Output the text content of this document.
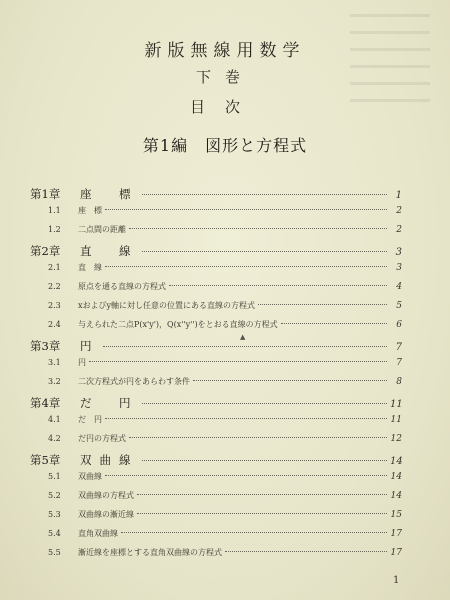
新版無線用数学
下巻
目次
第1編　図形と方程式
第1章	座　標	1
1.1	座　標	2
1.2	二点間の距離	2
第2章	直　線	3
2.1	直　線	3
2.2	原点を通る直線の方程式	4
2.3	xおよびy軸に対し任意の位置にある直線の方程式	5
2.4	与えられた二点P(x'y')，Q(x''y'')をとおる直線の方程式	6
第3章	円	7
3.1	円	7
3.2	二次方程式が円をあらわす条件	8
第4章	だ　円	11
4.1	だ　円	11
4.2	だ円の方程式	12
第5章	双曲線	14
5.1	双曲線	14
5.2	双曲線の方程式	14
5.3	双曲線の漸近線	15
5.4	直角双曲線	17
5.5	漸近線を座標とする直角双曲線の方程式	17
▲
1
